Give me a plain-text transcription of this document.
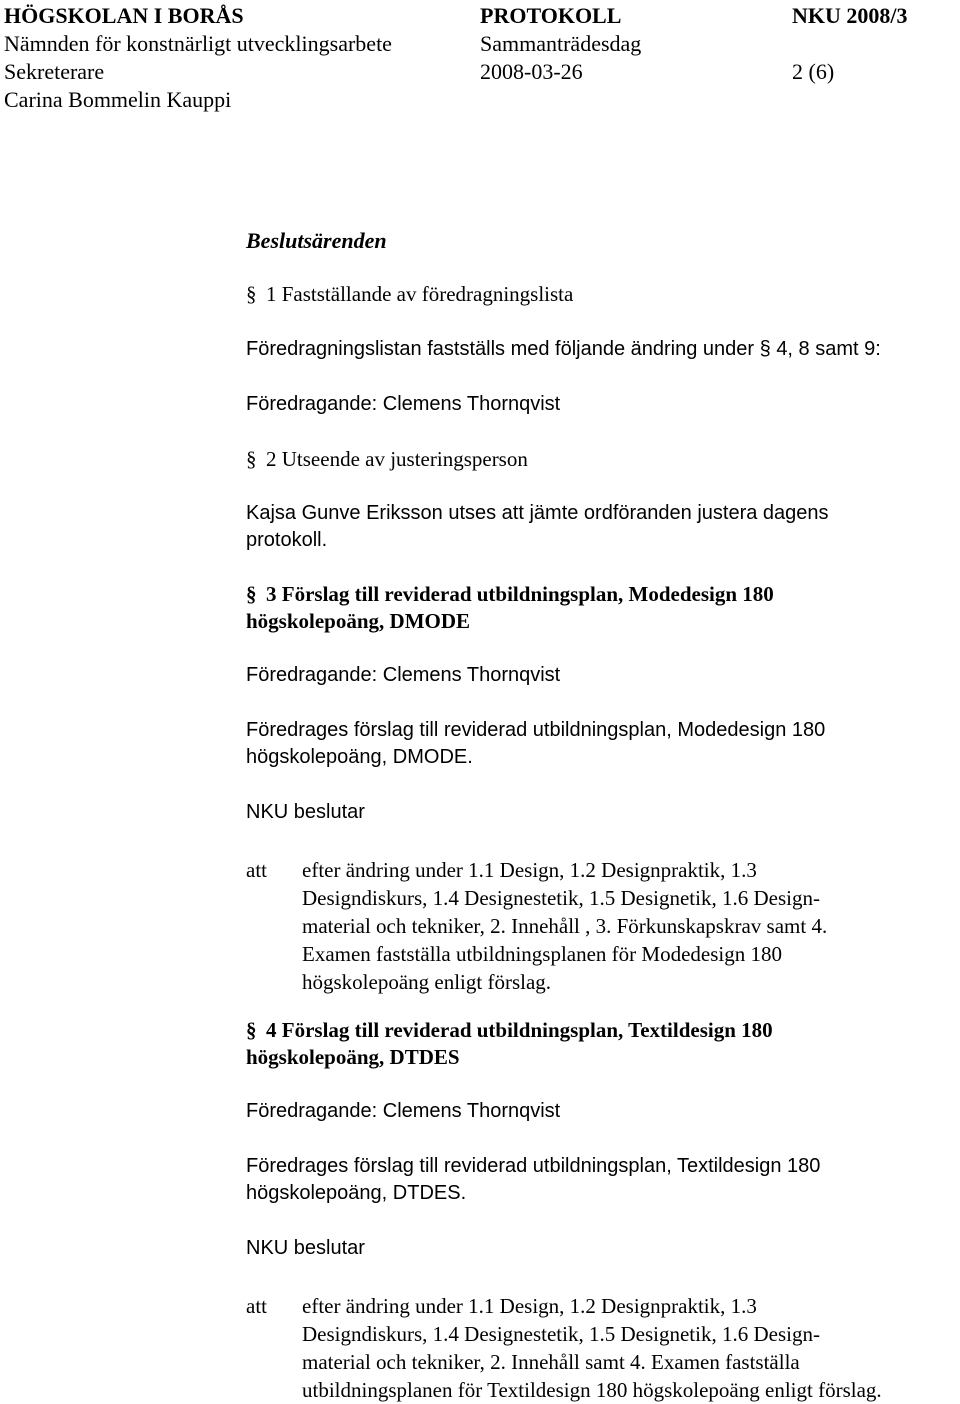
HÖGSKOLAN I BORÅS	PROTOKOLL	NKU 2008/3
Nämnden för konstnärligt utvecklingsarbete	Sammanträdesdag
Sekreterare	2008-03-26	2 (6)
Carina Bommelin Kauppi
Beslutsärenden
§ 1 Fastställande av föredragningslista
Föredragningslistan fastställs med följande ändring under § 4, 8 samt 9:
Föredragande: Clemens Thornqvist
§ 2 Utseende av justeringsperson
Kajsa Gunve Eriksson utses att jämte ordföranden justera dagens
protokoll.
§ 3 Förslag till reviderad utbildningsplan, Modedesign 180
högskolepoäng, DMODE
Föredragande: Clemens Thornqvist
Föredrages förslag till reviderad utbildningsplan, Modedesign 180
högskolepoäng, DMODE.
NKU beslutar
att efter ändring under 1.1 Design, 1.2 Designpraktik, 1.3
Designdiskurs, 1.4 Designestetik, 1.5 Designetik, 1.6 Design-
material och tekniker, 2. Innehåll , 3. Förkunskapskrav samt 4.
Examen fastställa utbildningsplanen för Modedesign 180
högskolepoäng enligt förslag.
§ 4 Förslag till reviderad utbildningsplan, Textildesign 180
högskolepoäng, DTDES
Föredragande: Clemens Thornqvist
Föredrages förslag till reviderad utbildningsplan, Textildesign 180
högskolepoäng, DTDES.
NKU beslutar
att efter ändring under 1.1 Design, 1.2 Designpraktik, 1.3
Designdiskurs, 1.4 Designestetik, 1.5 Designetik, 1.6 Design-
material och tekniker, 2. Innehåll samt 4. Examen fastställa
utbildningsplanen för Textildesign 180 högskolepoäng enligt förslag.
